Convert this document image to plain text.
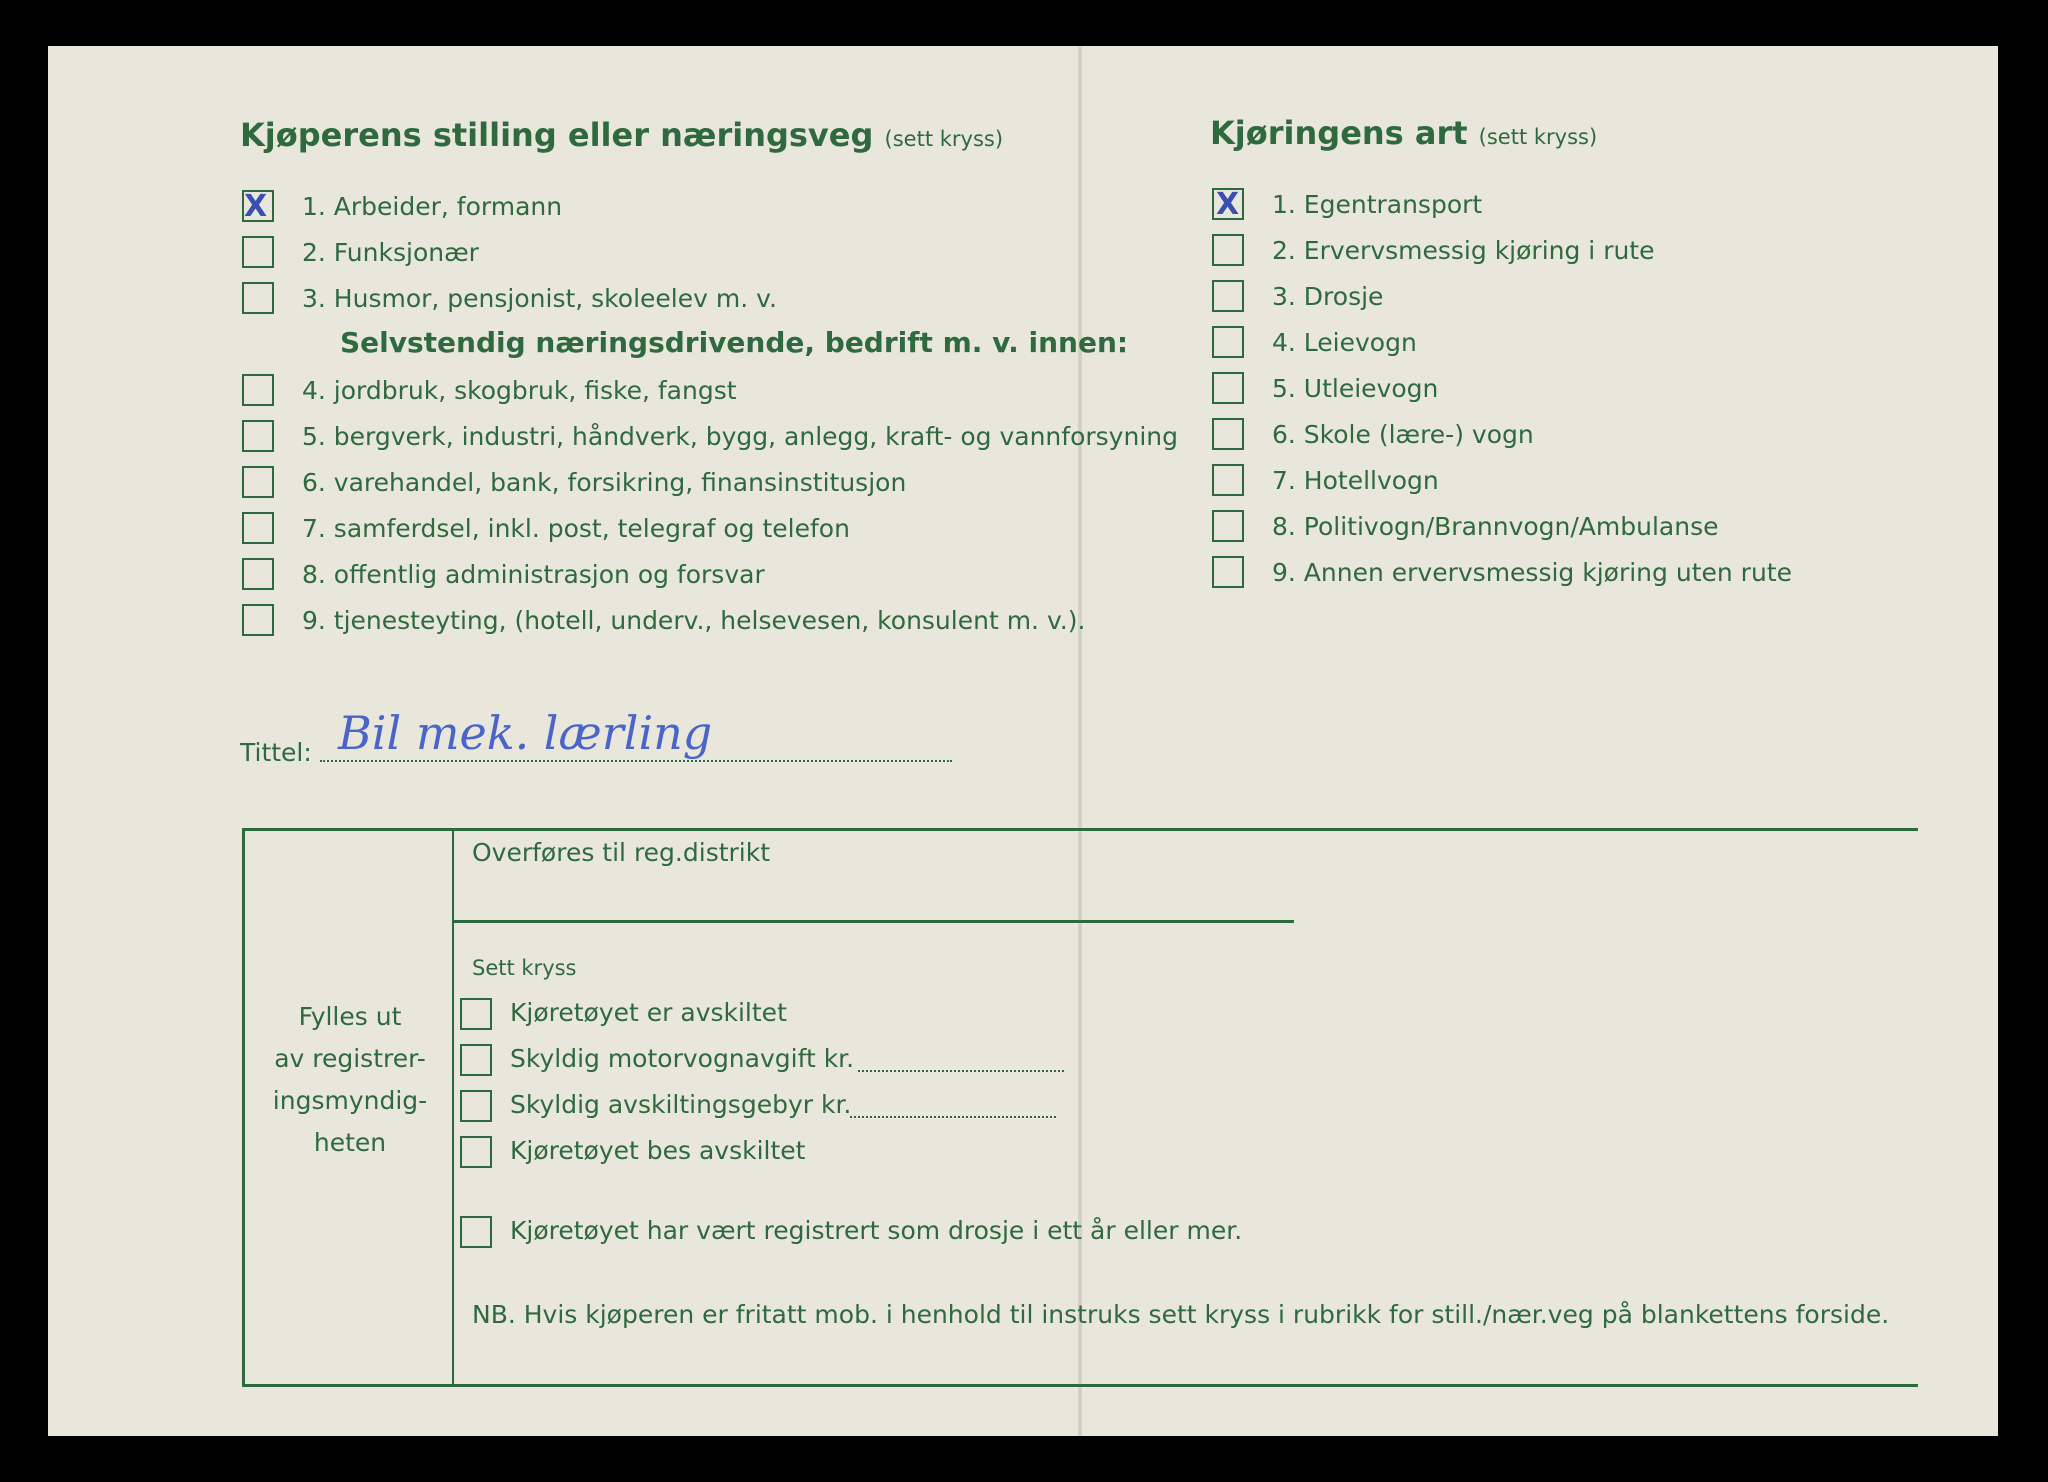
Kjøperens stilling eller næringsveg (sett kryss)
X 1. Arbeider, formann
2. Funksjonær
3. Husmor, pensjonist, skoleelev m. v.
Selvstendig næringsdrivende, bedrift m. v. innen:
4. jordbruk, skogbruk, fiske, fangst
5. bergverk, industri, håndverk, bygg, anlegg, kraft- og vannforsyning
6. varehandel, bank, forsikring, finansinstitusjon
7. samferdsel, inkl. post, telegraf og telefon
8. offentlig administrasjon og forsvar
9. tjenesteyting, (hotell, underv., helsevesen, konsulent m. v.).
Kjøringens art (sett kryss)
X 1. Egentransport
2. Ervervsmessig kjøring i rute
3. Drosje
4. Leievogn
5. Utleievogn
6. Skole (lære-) vogn
7. Hotellvogn
8. Politivogn/Brannvogn/Ambulanse
9. Annen ervervsmessig kjøring uten rute
Tittel: Bil mek. lærling
Fylles ut
av registrer-
ingsmyndig-
heten
Overføres til reg.distrikt
Sett kryss
Kjøretøyet er avskiltet
Skyldig motorvognavgift kr.
Skyldig avskiltingsgebyr kr.
Kjøretøyet bes avskiltet
Kjøretøyet har vært registrert som drosje i ett år eller mer.
NB. Hvis kjøperen er fritatt mob. i henhold til instruks sett kryss i rubrikk for still./nær.veg på blankettens forside.
